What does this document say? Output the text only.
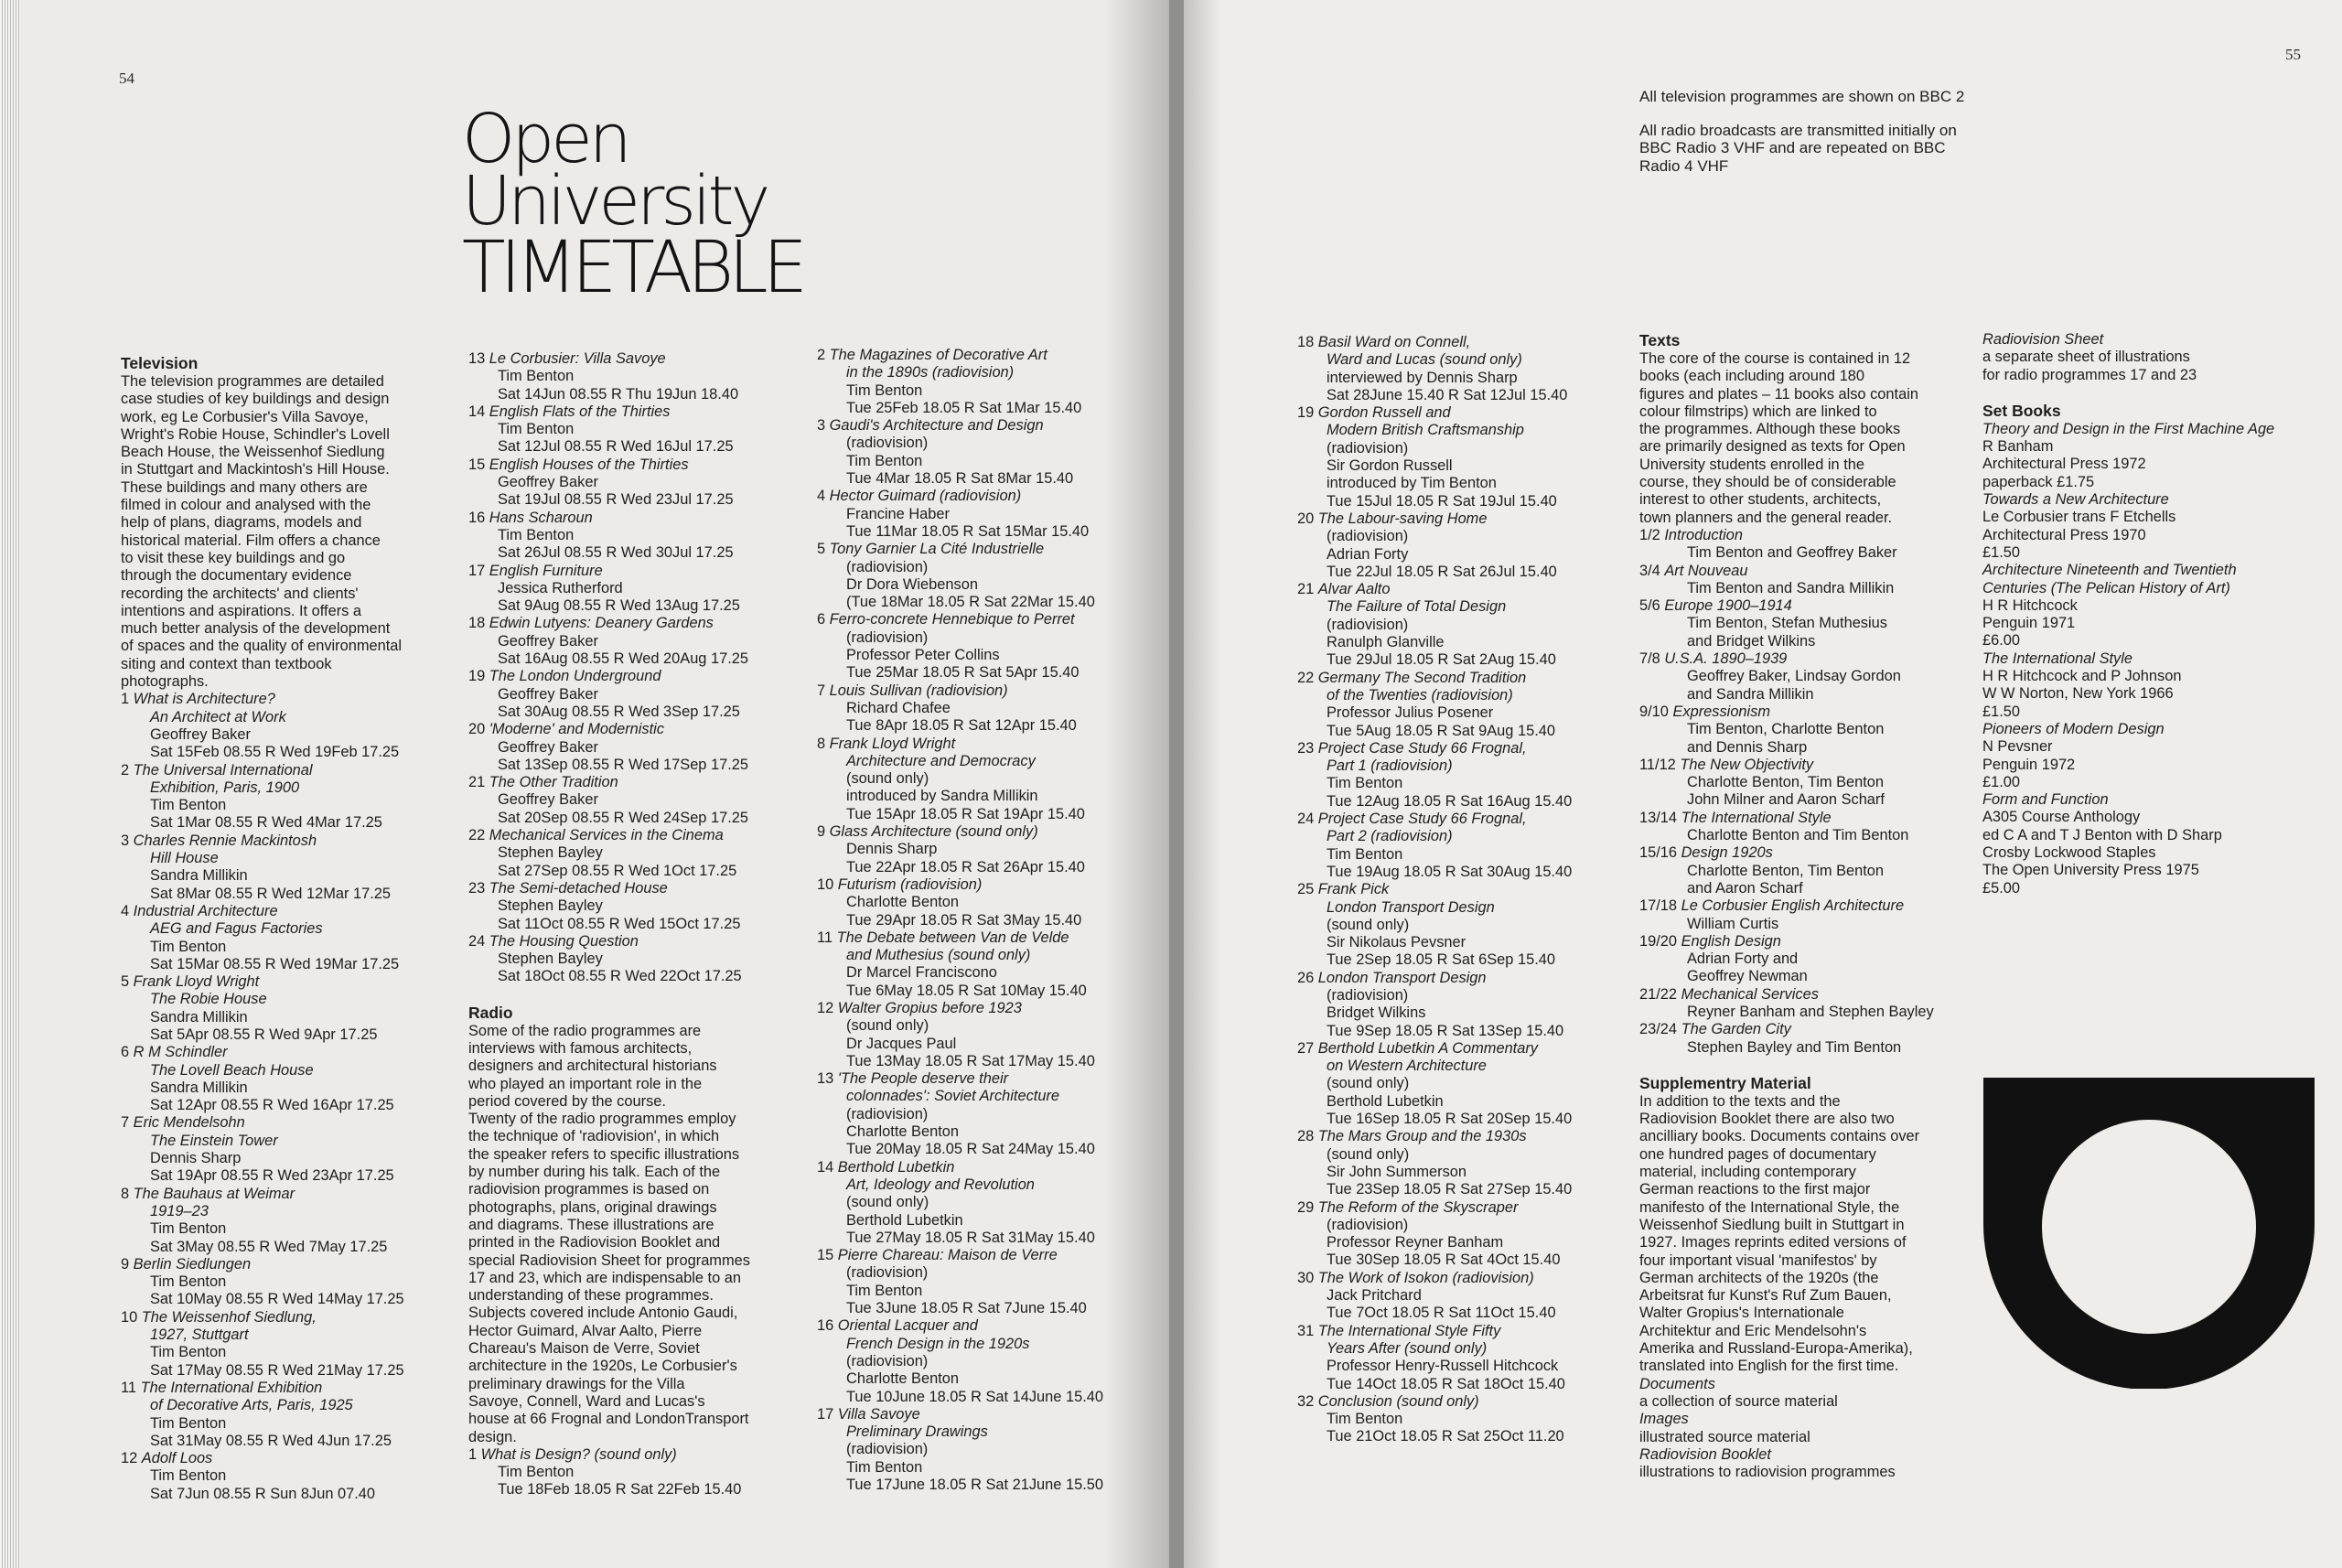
54
Open
University
TIMETABLE

Television

The television programmes are detailed

case studies of key buildings and design

work, eg Le Corbusier's Villa Savoye,

Wright's Robie House, Schindler's Lovell

Beach House, the Weissenhof Siedlung

in Stuttgart and Mackintosh's Hill House.

These buildings and many others are

filmed in colour and analysed with the

help of plans, diagrams, models and

historical material. Film offers a chance

to visit these key buildings and go

through the documentary evidence

recording the architects' and clients'

intentions and aspirations. It offers a

much better analysis of the development

of spaces and the quality of environmental

siting and context than textbook

photographs.

1 What is Architecture?

An Architect at Work

Geoffrey Baker

Sat 15Feb 08.55 R Wed 19Feb 17.25

2 The Universal International

Exhibition, Paris, 1900

Tim Benton

Sat 1Mar 08.55 R Wed 4Mar 17.25

3 Charles Rennie Mackintosh

Hill House

Sandra Millikin

Sat 8Mar 08.55 R Wed 12Mar 17.25

4 Industrial Architecture

AEG and Fagus Factories

Tim Benton

Sat 15Mar 08.55 R Wed 19Mar 17.25

5 Frank Lloyd Wright

The Robie House

Sandra Millikin

Sat 5Apr 08.55 R Wed 9Apr 17.25

6 R M Schindler

The Lovell Beach House

Sandra Millikin

Sat 12Apr 08.55 R Wed 16Apr 17.25

7 Eric Mendelsohn

The Einstein Tower

Dennis Sharp

Sat 19Apr 08.55 R Wed 23Apr 17.25

8 The Bauhaus at Weimar

1919–23

Tim Benton

Sat 3May 08.55 R Wed 7May 17.25

9 Berlin Siedlungen

Tim Benton

Sat 10May 08.55 R Wed 14May 17.25

10 The Weissenhof Siedlung,

1927, Stuttgart

Tim Benton

Sat 17May 08.55 R Wed 21May 17.25

11 The International Exhibition

of Decorative Arts, Paris, 1925

Tim Benton

Sat 31May 08.55 R Wed 4Jun 17.25

12 Adolf Loos

Tim Benton

Sat 7Jun 08.55 R Sun 8Jun 07.40

13 Le Corbusier: Villa Savoye

Tim Benton

Sat 14Jun 08.55 R Thu 19Jun 18.40

14 English Flats of the Thirties

Tim Benton

Sat 12Jul 08.55 R Wed 16Jul 17.25

15 English Houses of the Thirties

Geoffrey Baker

Sat 19Jul 08.55 R Wed 23Jul 17.25

16 Hans Scharoun

Tim Benton

Sat 26Jul 08.55 R Wed 30Jul 17.25

17 English Furniture

Jessica Rutherford

Sat 9Aug 08.55 R Wed 13Aug 17.25

18 Edwin Lutyens: Deanery Gardens

Geoffrey Baker

Sat 16Aug 08.55 R Wed 20Aug 17.25

19 The London Underground

Geoffrey Baker

Sat 30Aug 08.55 R Wed 3Sep 17.25

20 'Moderne' and Modernistic

Geoffrey Baker

Sat 13Sep 08.55 R Wed 17Sep 17.25

21 The Other Tradition

Geoffrey Baker

Sat 20Sep 08.55 R Wed 24Sep 17.25

22 Mechanical Services in the Cinema

Stephen Bayley

Sat 27Sep 08.55 R Wed 1Oct 17.25

23 The Semi-detached House

Stephen Bayley

Sat 11Oct 08.55 R Wed 15Oct 17.25

24 The Housing Question

Stephen Bayley

Sat 18Oct 08.55 R Wed 22Oct 17.25

Radio

Some of the radio programmes are

interviews with famous architects,

designers and architectural historians

who played an important role in the

period covered by the course.

Twenty of the radio programmes employ

the technique of 'radiovision', in which

the speaker refers to specific illustrations

by number during his talk. Each of the

radiovision programmes is based on

photographs, plans, original drawings

and diagrams. These illustrations are

printed in the Radiovision Booklet and

special Radiovision Sheet for programmes

17 and 23, which are indispensable to an

understanding of these programmes.

Subjects covered include Antonio Gaudi,

Hector Guimard, Alvar Aalto, Pierre

Chareau's Maison de Verre, Soviet

architecture in the 1920s, Le Corbusier's

preliminary drawings for the Villa

Savoye, Connell, Ward and Lucas's

house at 66 Frognal and LondonTransport

design.

1 What is Design? (sound only)

Tim Benton

Tue 18Feb 18.05 R Sat 22Feb 15.40

2 The Magazines of Decorative Art

in the 1890s (radiovision)

Tim Benton

Tue 25Feb 18.05 R Sat 1Mar 15.40

3 Gaudi's Architecture and Design

(radiovision)

Tim Benton

Tue 4Mar 18.05 R Sat 8Mar 15.40

4 Hector Guimard (radiovision)

Francine Haber

Tue 11Mar 18.05 R Sat 15Mar 15.40

5 Tony Garnier La Cité Industrielle

(radiovision)

Dr Dora Wiebenson

(Tue 18Mar 18.05 R Sat 22Mar 15.40

6 Ferro-concrete Hennebique to Perret

(radiovision)

Professor Peter Collins

Tue 25Mar 18.05 R Sat 5Apr 15.40

7 Louis Sullivan (radiovision)

Richard Chafee

Tue 8Apr 18.05 R Sat 12Apr 15.40

8 Frank Lloyd Wright

Architecture and Democracy

(sound only)

introduced by Sandra Millikin

Tue 15Apr 18.05 R Sat 19Apr 15.40

9 Glass Architecture (sound only)

Dennis Sharp

Tue 22Apr 18.05 R Sat 26Apr 15.40

10 Futurism (radiovision)

Charlotte Benton

Tue 29Apr 18.05 R Sat 3May 15.40

11 The Debate between Van de Velde

and Muthesius (sound only)

Dr Marcel Franciscono

Tue 6May 18.05 R Sat 10May 15.40

12 Walter Gropius before 1923

(sound only)

Dr Jacques Paul

Tue 13May 18.05 R Sat 17May 15.40

13 'The People deserve their

colonnades': Soviet Architecture

(radiovision)

Charlotte Benton

Tue 20May 18.05 R Sat 24May 15.40

14 Berthold Lubetkin

Art, Ideology and Revolution

(sound only)

Berthold Lubetkin

Tue 27May 18.05 R Sat 31May 15.40

15 Pierre Chareau: Maison de Verre

(radiovision)

Tim Benton

Tue 3June 18.05 R Sat 7June 15.40

16 Oriental Lacquer and

French Design in the 1920s

(radiovision)

Charlotte Benton

Tue 10June 18.05 R Sat 14June 15.40

17 Villa Savoye

Preliminary Drawings

(radiovision)

Tim Benton

Tue 17June 18.05 R Sat 21June 15.50

55

All television programmes are shown on BBC 2

All radio broadcasts are transmitted initially on BBC Radio 3 VHF and are repeated on BBC Radio 4 VHF

18 Basil Ward on Connell,

Ward and Lucas (sound only)

interviewed by Dennis Sharp

Sat 28June 15.40 R Sat 12Jul 15.40

19 Gordon Russell and

Modern British Craftsmanship

(radiovision)

Sir Gordon Russell

introduced by Tim Benton

Tue 15Jul 18.05 R Sat 19Jul 15.40

20 The Labour-saving Home

(radiovision)

Adrian Forty

Tue 22Jul 18.05 R Sat 26Jul 15.40

21 Alvar Aalto

The Failure of Total Design

(radiovision)

Ranulph Glanville

Tue 29Jul 18.05 R Sat 2Aug 15.40

22 Germany The Second Tradition

of the Twenties (radiovision)

Professor Julius Posener

Tue 5Aug 18.05 R Sat 9Aug 15.40

23 Project Case Study 66 Frognal,

Part 1 (radiovision)

Tim Benton

Tue 12Aug 18.05 R Sat 16Aug 15.40

24 Project Case Study 66 Frognal,

Part 2 (radiovision)

Tim Benton

Tue 19Aug 18.05 R Sat 30Aug 15.40

25 Frank Pick

London Transport Design

(sound only)

Sir Nikolaus Pevsner

Tue 2Sep 18.05 R Sat 6Sep 15.40

26 London Transport Design

(radiovision)

Bridget Wilkins

Tue 9Sep 18.05 R Sat 13Sep 15.40

27 Berthold Lubetkin A Commentary

on Western Architecture

(sound only)

Berthold Lubetkin

Tue 16Sep 18.05 R Sat 20Sep 15.40

28 The Mars Group and the 1930s

(sound only)

Sir John Summerson

Tue 23Sep 18.05 R Sat 27Sep 15.40

29 The Reform of the Skyscraper

(radiovision)

Professor Reyner Banham

Tue 30Sep 18.05 R Sat 4Oct 15.40

30 The Work of Isokon (radiovision)

Jack Pritchard

Tue 7Oct 18.05 R Sat 11Oct 15.40

31 The International Style Fifty

Years After (sound only)

Professor Henry-Russell Hitchcock

Tue 14Oct 18.05 R Sat 18Oct 15.40

32 Conclusion (sound only)

Tim Benton

Tue 21Oct 18.05 R Sat 25Oct 11.20

Texts

The core of the course is contained in 12

books (each including around 180

figures and plates – 11 books also contain

colour filmstrips) which are linked to

the programmes. Although these books

are primarily designed as texts for Open

University students enrolled in the

course, they should be of considerable

interest to other students, architects,

town planners and the general reader.

1/2 Introduction

Tim Benton and Geoffrey Baker

3/4 Art Nouveau

Tim Benton and Sandra Millikin

5/6 Europe 1900–1914

Tim Benton, Stefan Muthesius

and Bridget Wilkins

7/8 U.S.A. 1890–1939

Geoffrey Baker, Lindsay Gordon

and Sandra Millikin

9/10 Expressionism

Tim Benton, Charlotte Benton

and Dennis Sharp

11/12 The New Objectivity

Charlotte Benton, Tim Benton

John Milner and Aaron Scharf

13/14 The International Style

Charlotte Benton and Tim Benton

15/16 Design 1920s

Charlotte Benton, Tim Benton

and Aaron Scharf

17/18 Le Corbusier English Architecture

William Curtis

19/20 English Design

Adrian Forty and

Geoffrey Newman

21/22 Mechanical Services

Reyner Banham and Stephen Bayley

23/24 The Garden City

Stephen Bayley and Tim Benton

Supplementry Material

In addition to the texts and the

Radiovision Booklet there are also two

ancilliary books. Documents contains over

one hundred pages of documentary

material, including contemporary

German reactions to the first major

manifesto of the International Style, the

Weissenhof Siedlung built in Stuttgart in

1927. Images reprints edited versions of

four important visual 'manifestos' by

German architects of the 1920s (the

Arbeitsrat fur Kunst's Ruf Zum Bauen,

Walter Gropius's Internationale

Architektur and Eric Mendelsohn's

Amerika and Russland-Europa-Amerika),

translated into English for the first time.

Documents

a collection of source material

Images

illustrated source material

Radiovision Booklet

illustrations to radiovision programmes

Radiovision Sheet

a separate sheet of illustrations

for radio programmes 17 and 23

Set Books

Theory and Design in the First Machine Age

R Banham

Architectural Press 1972

paperback £1.75

Towards a New Architecture

Le Corbusier trans F Etchells

Architectural Press 1970

£1.50

Architecture Nineteenth and Twentieth

Centuries (The Pelican History of Art)

H R Hitchcock

Penguin 1971

£6.00

The International Style

H R Hitchcock and P Johnson

W W Norton, New York 1966

£1.50

Pioneers of Modern Design

N Pevsner

Penguin 1972

£1.00

Form and Function

A305 Course Anthology

ed C A and T J Benton with D Sharp

Crosby Lockwood Staples

The Open University Press 1975

£5.00
